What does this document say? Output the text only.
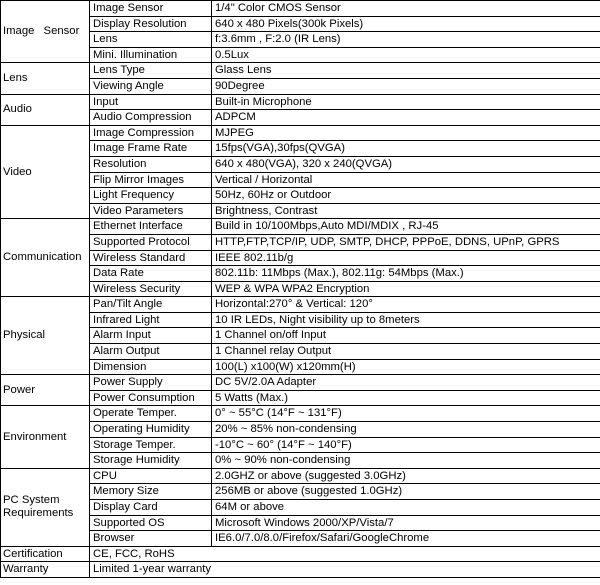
Image Sensor	Image Sensor	1/4" Color CMOS Sensor
	Display Resolution	640 x 480 Pixels(300k Pixels)
	Lens	f:3.6mm , F:2.0 (IR Lens)
	Mini. Illumination	0.5Lux
Lens	Lens Type	Glass Lens
	Viewing Angle	90Degree
Audio	Input	Built-in Microphone
	Audio Compression	ADPCM
Video	Image Compression	MJPEG
	Image Frame Rate	15fps(VGA),30fps(QVGA)
	Resolution	640 x 480(VGA), 320 x 240(QVGA)
	Flip Mirror Images	Vertical / Horizontal
	Light Frequency	50Hz, 60Hz or Outdoor
	Video Parameters	Brightness, Contrast
Communication	Ethernet Interface	Build in 10/100Mbps,Auto MDI/MDIX , RJ-45
	Supported Protocol	HTTP,FTP,TCP/IP, UDP, SMTP, DHCP, PPPoE, DDNS, UPnP, GPRS
	Wireless Standard	IEEE 802.11b/g
	Data Rate	802.11b: 11Mbps (Max.), 802.11g: 54Mbps (Max.)
	Wireless Security	WEP & WPA WPA2 Encryption
Physical	Pan/Tilt Angle	Horizontal:270° & Vertical: 120°
	Infrared Light	10 IR LEDs, Night visibility up to 8meters
	Alarm Input	1 Channel on/off Input
	Alarm Output	1 Channel relay Output
	Dimension	100(L) x100(W) x120mm(H)
Power	Power Supply	DC 5V/2.0A Adapter
	Power Consumption	5 Watts (Max.)
Environment	Operate Temper.	0° ~ 55°C (14°F ~ 131°F)
	Operating Humidity	20% ~ 85% non-condensing
	Storage Temper.	-10°C ~ 60° (14°F ~ 140°F)
	Storage Humidity	0% ~ 90% non-condensing
PC System Requirements	CPU	2.0GHZ or above (suggested 3.0GHz)
	Memory Size	256MB or above (suggested 1.0GHz)
	Display Card	64M or above
	Supported OS	Microsoft Windows 2000/XP/Vista/7
	Browser	IE6.0/7.0/8.0/Firefox/Safari/GoogleChrome
Certification	CE, FCC, RoHS	
Warranty	Limited 1-year warranty	
